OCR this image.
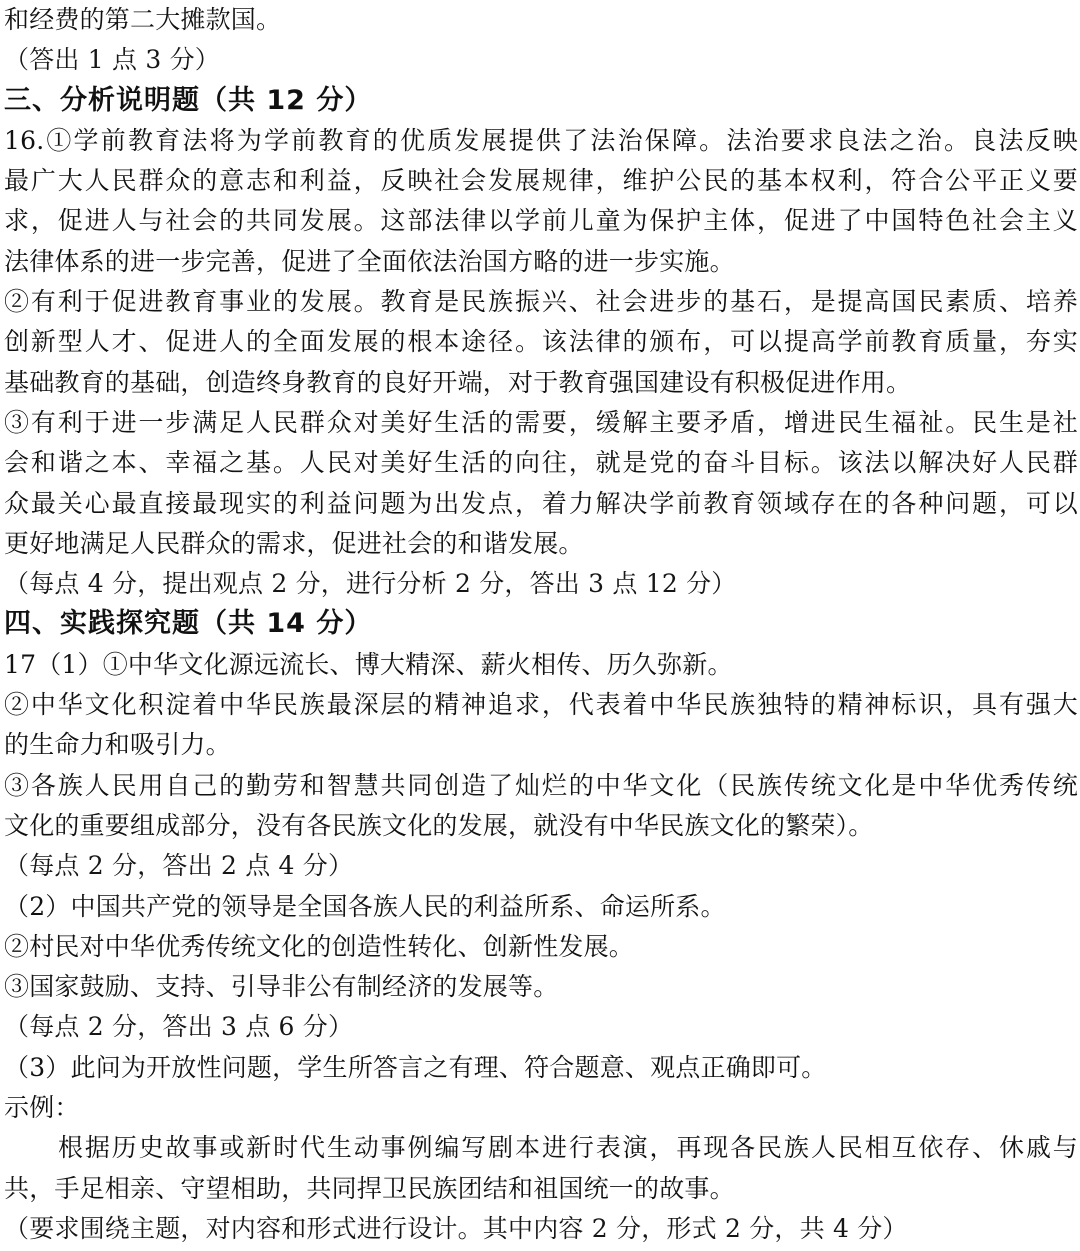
和经费的第二大摊款国。
（答出 1 点 3 分）
三、分析说明题（共 12 分）
16.①学前教育法将为学前教育的优质发展提供了法治保障。法治要求良法之治。良法反映
最广大人民群众的意志和利益，反映社会发展规律，维护公民的基本权利，符合公平正义要
求，促进人与社会的共同发展。这部法律以学前儿童为保护主体，促进了中国特色社会主义
法律体系的进一步完善，促进了全面依法治国方略的进一步实施。
②有利于促进教育事业的发展。教育是民族振兴、社会进步的基石，是提高国民素质、培养
创新型人才、促进人的全面发展的根本途径。该法律的颁布，可以提高学前教育质量，夯实
基础教育的基础，创造终身教育的良好开端，对于教育强国建设有积极促进作用。
③有利于进一步满足人民群众对美好生活的需要，缓解主要矛盾，增进民生福祉。民生是社
会和谐之本、幸福之基。人民对美好生活的向往，就是党的奋斗目标。该法以解决好人民群
众最关心最直接最现实的利益问题为出发点，着力解决学前教育领域存在的各种问题，可以
更好地满足人民群众的需求，促进社会的和谐发展。
（每点 4 分，提出观点 2 分，进行分析 2 分，答出 3 点 12 分）
四、实践探究题（共 14 分）
17（1）①中华文化源远流长、博大精深、薪火相传、历久弥新。
②中华文化积淀着中华民族最深层的精神追求，代表着中华民族独特的精神标识，具有强大
的生命力和吸引力。
③各族人民用自己的勤劳和智慧共同创造了灿烂的中华文化（民族传统文化是中华优秀传统
文化的重要组成部分，没有各民族文化的发展，就没有中华民族文化的繁荣）。
（每点 2 分，答出 2 点 4 分）
（2）中国共产党的领导是全国各族人民的利益所系、命运所系。
②村民对中华优秀传统文化的创造性转化、创新性发展。
③国家鼓励、支持、引导非公有制经济的发展等。
（每点 2 分，答出 3 点 6 分）
（3）此问为开放性问题，学生所答言之有理、符合题意、观点正确即可。
示例：
根据历史故事或新时代生动事例编写剧本进行表演，再现各民族人民相互依存、休戚与
共，手足相亲、守望相助，共同捍卫民族团结和祖国统一的故事。
（要求围绕主题，对内容和形式进行设计。其中内容 2 分，形式 2 分，共 4 分）
